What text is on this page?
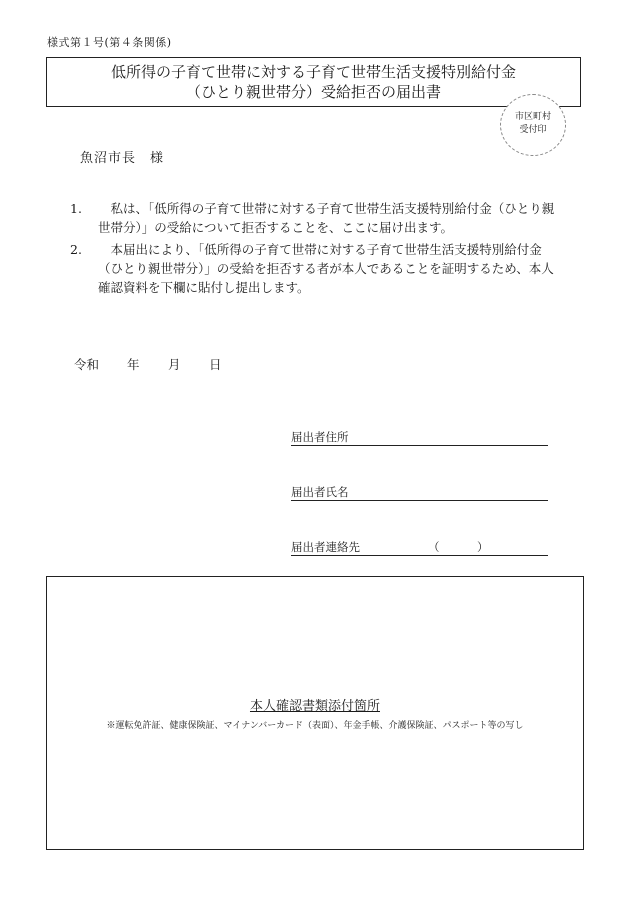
様式第１号(第４条関係)
低所得の子育て世帯に対する子育て世帯生活支援特別給付金
（ひとり親世帯分）受給拒否の届出書
市区町村
受付印
魚沼市長　様
1.	私は、「低所得の子育て世帯に対する子育て世帯生活支援特別給付金（ひとり親世帯分）」の受給について拒否することを、ここに届け出ます。
2.	本届出により、「低所得の子育て世帯に対する子育て世帯生活支援特別給付金（ひとり親世帯分）」の受給を拒否する者が本人であることを証明するため、本人確認資料を下欄に貼付し提出します。
令和 年 月 日
届出者住所
届出者氏名
届出者連絡先	（	）
本人確認書類添付箇所
※運転免許証、健康保険証、マイナンバーカード（表面）、年金手帳、介護保険証、パスポート等の写し
